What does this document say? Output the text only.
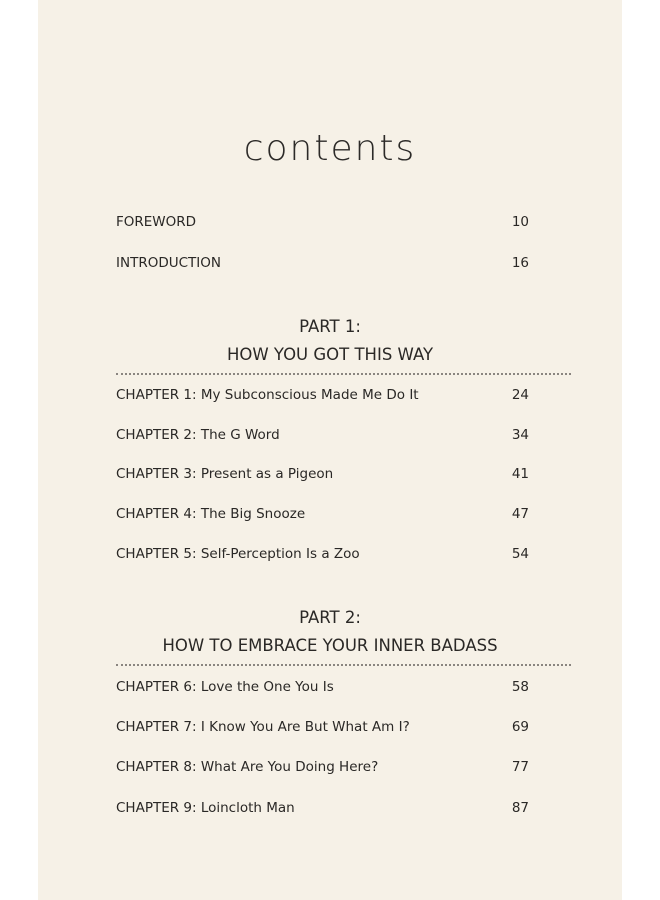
contents
FOREWORD	10
INTRODUCTION	16
PART 1:
HOW YOU GOT THIS WAY
CHAPTER 1: My Subconscious Made Me Do It	24
CHAPTER 2: The G Word	34
CHAPTER 3: Present as a Pigeon	41
CHAPTER 4: The Big Snooze	47
CHAPTER 5: Self-Perception Is a Zoo	54
PART 2:
HOW TO EMBRACE YOUR INNER BADASS
CHAPTER 6: Love the One You Is	58
CHAPTER 7: I Know You Are But What Am I?	69
CHAPTER 8: What Are You Doing Here?	77
CHAPTER 9: Loincloth Man	87
